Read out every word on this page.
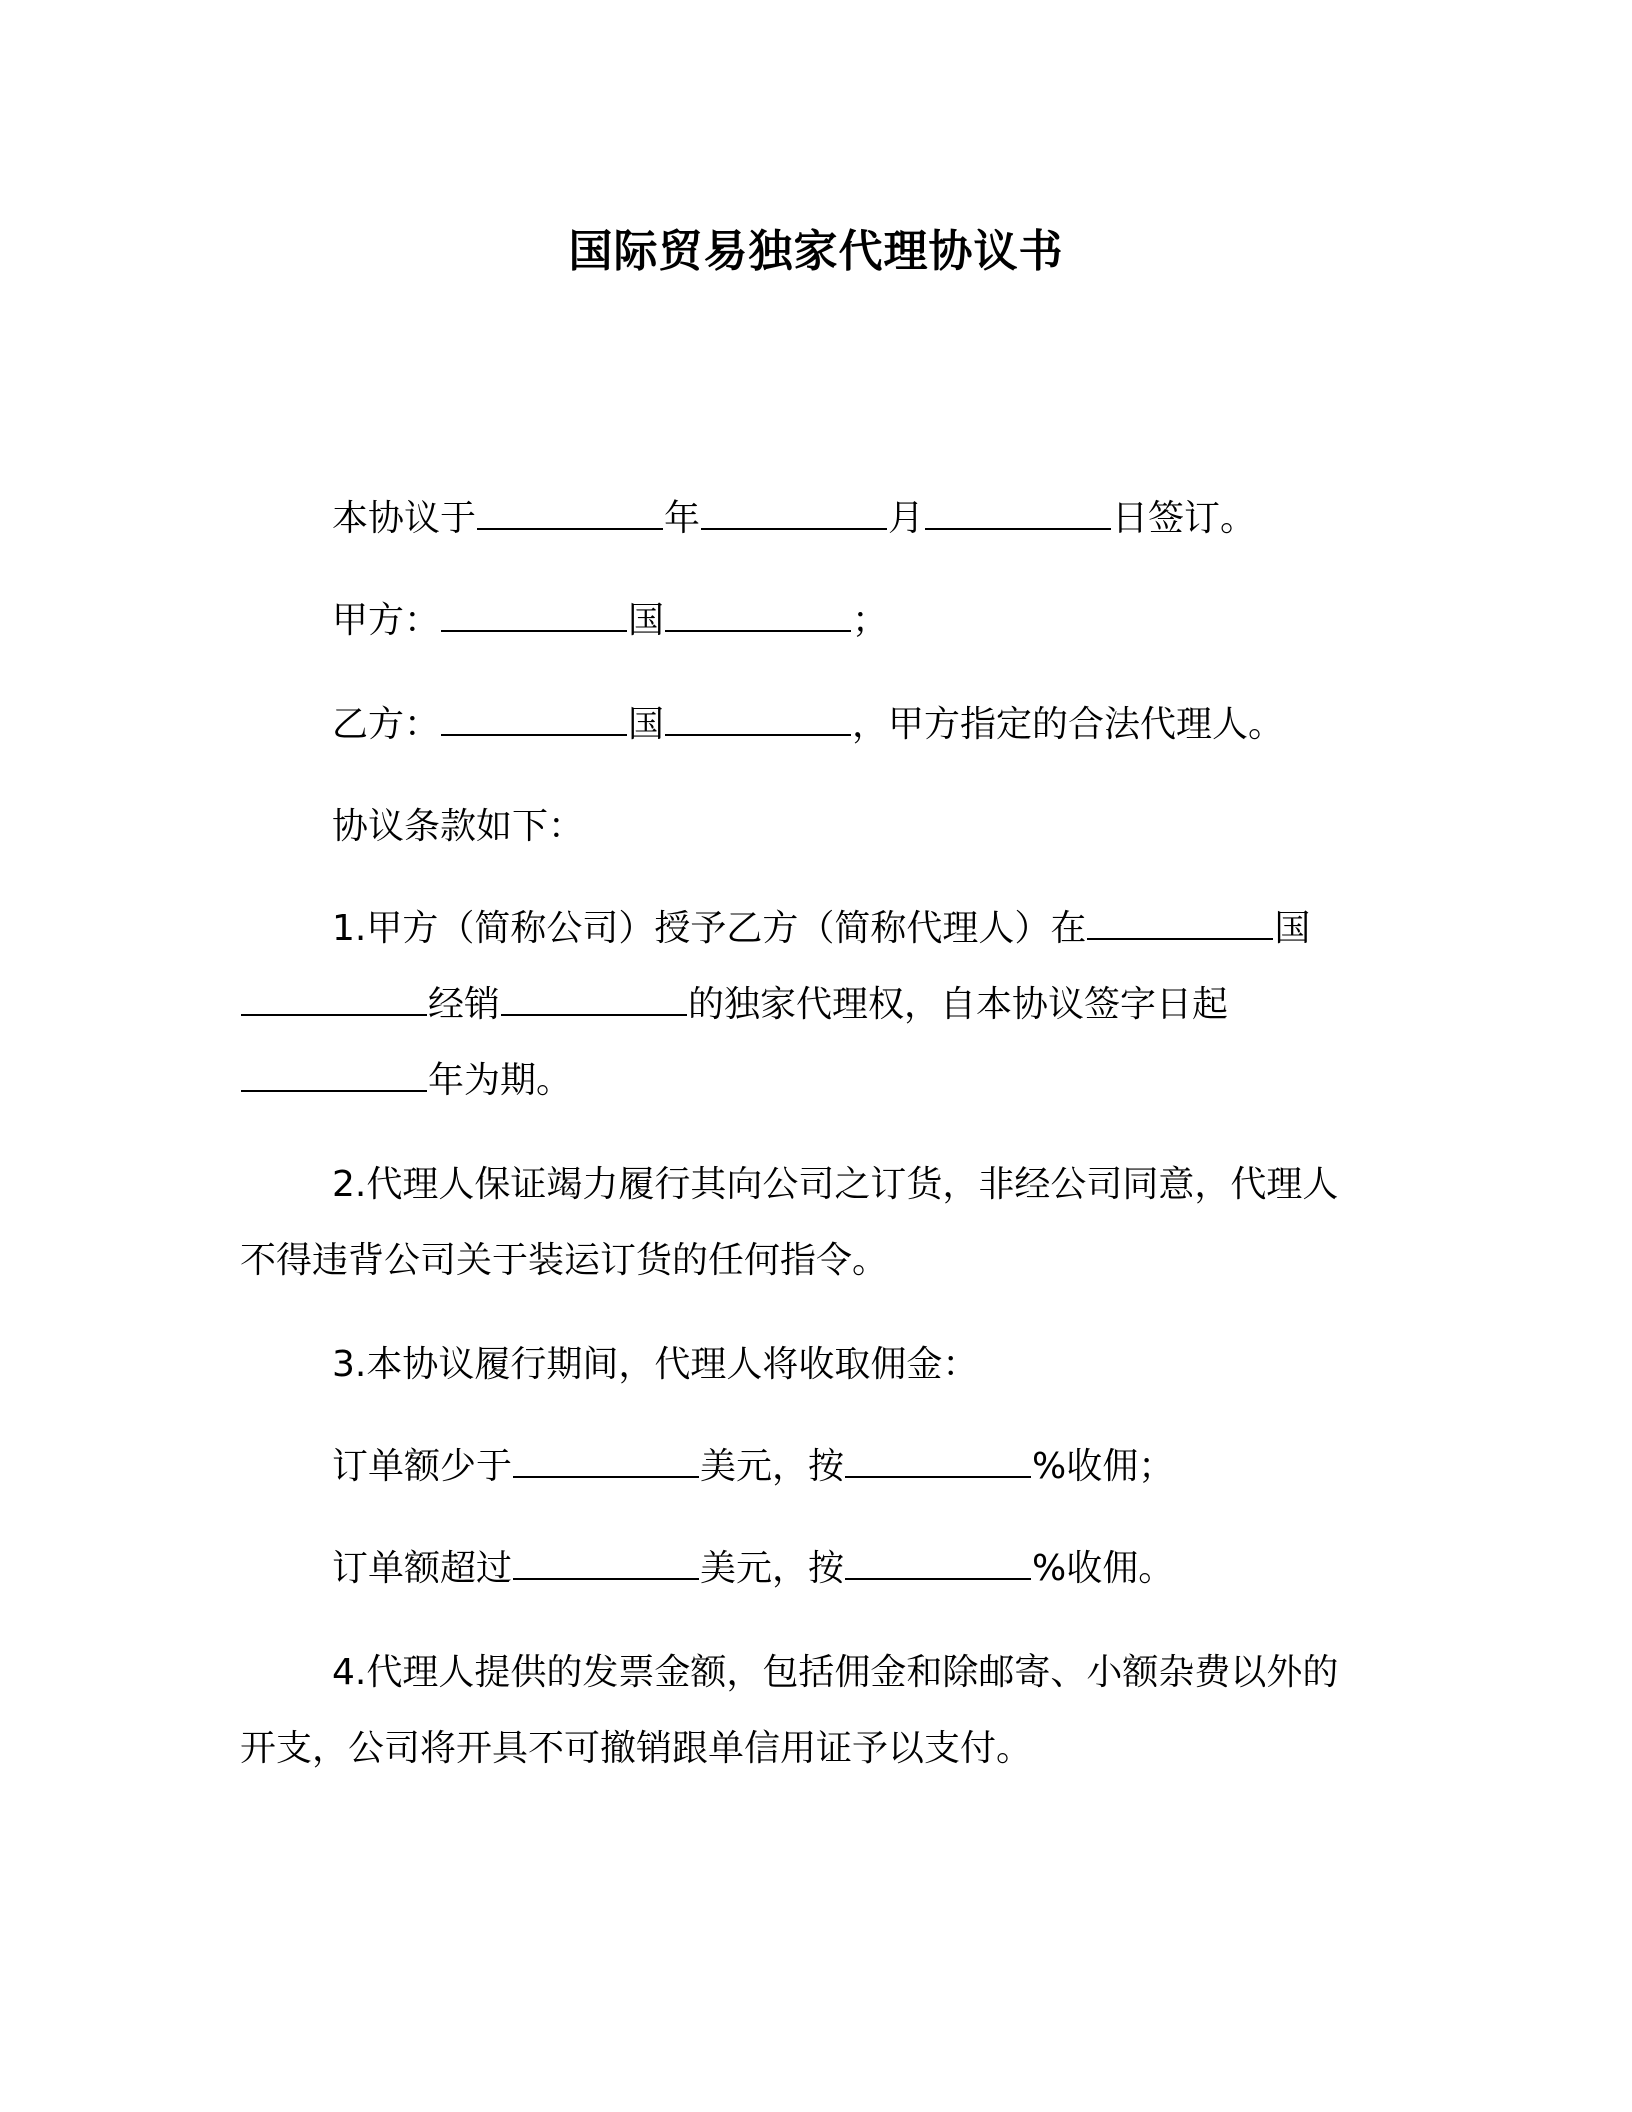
国际贸易独家代理协议书
本协议于	年	月	日签订。
甲方：	国	；
乙方：	国	，甲方指定的合法代理人。
协议条款如下：
1.甲方（简称公司）授予乙方（简称代理人）在	国
经销	的独家代理权，自本协议签字日起
年为期。
2.代理人保证竭力履行其向公司之订货，非经公司同意，代理人
不得违背公司关于装运订货的任何指令。
3.本协议履行期间，代理人将收取佣金：
订单额少于	美元，按	%收佣；
订单额超过	美元，按	%收佣。
4.代理人提供的发票金额，包括佣金和除邮寄、小额杂费以外的
开支，公司将开具不可撤销跟单信用证予以支付。
